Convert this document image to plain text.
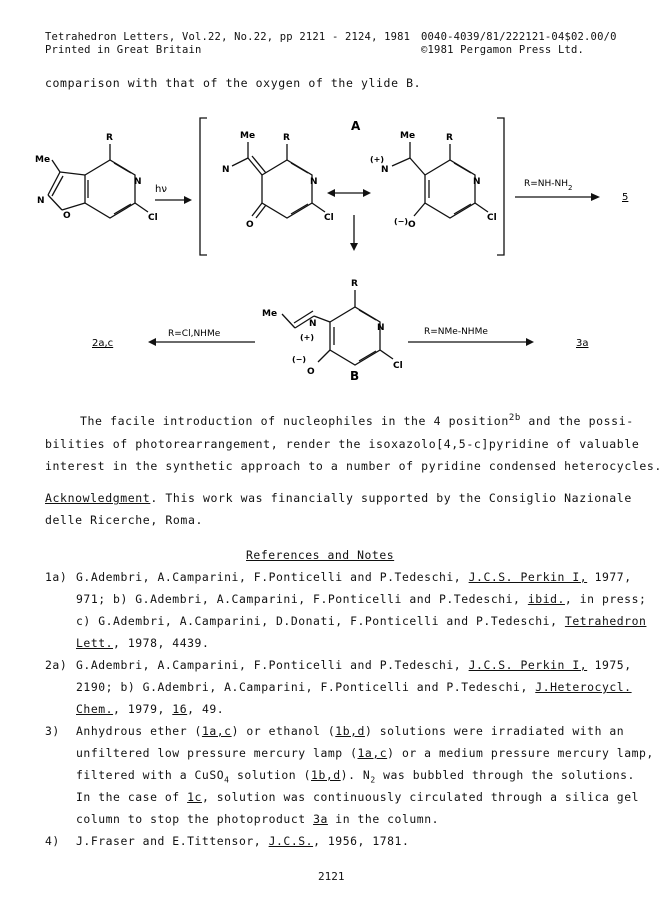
Tetrahedron Letters, Vol.22, No.22, pp 2121 - 2124, 1981
Printed in Great Britain
0040-4039/81/222121-04$02.00/0
©1981 Pergamon Press Ltd.
comparison with that of the oxygen of the ylide B.
A
B
hν
Me
R
N
N
O	Cl
Me	R
N
N
O
Cl
Me	R
(+)
N
N
(−) O
Cl
$R=NH-NH_2$
5
R
Me
N	N
(+)
(−)
O
Cl
R=Cl,NHMe
2a,c
R=NMe-NHMe
3a
The facile introduction of nucleophiles in the 4 position$^{2b}$ and the possi-
bilities of photorearrangement, render the isoxazolo[4,5-c]pyridine of valuable
interest in the synthetic approach to a number of pyridine condensed heterocycles.
Acknowledgment. This work was financially supported by the Consiglio Nazionale
delle Ricerche, Roma.
References and Notes
1a) G.Adembri, A.Camparini, F.Ponticelli and P.Tedeschi, J.C.S. Perkin I, 1977,
971; b) G.Adembri, A.Camparini, F.Ponticelli and P.Tedeschi, ibid., in press;
c) G.Adembri, A.Camparini, D.Donati, F.Ponticelli and P.Tedeschi, Tetrahedron
Lett., 1978, 4439.
2a) G.Adembri, A.Camparini, F.Ponticelli and P.Tedeschi, J.C.S. Perkin I, 1975,
2190; b) G.Adembri, A.Camparini, F.Ponticelli and P.Tedeschi, J.Heterocycl.
Chem., 1979, 16, 49.
3) Anhydrous ether (1a,c) or ethanol (1b,d) solutions were irradiated with an
unfiltered low pressure mercury lamp (1a,c) or a medium pressure mercury lamp,
filtered with a CuSO$_4$ solution (1b,d). $N_2$ was bubbled through the solutions.
In the case of 1c, solution was continuously circulated through a silica gel
column to stop the photoproduct 3a in the column.
4) J.Fraser and E.Tittensor, J.C.S., 1956, 1781.
2121
